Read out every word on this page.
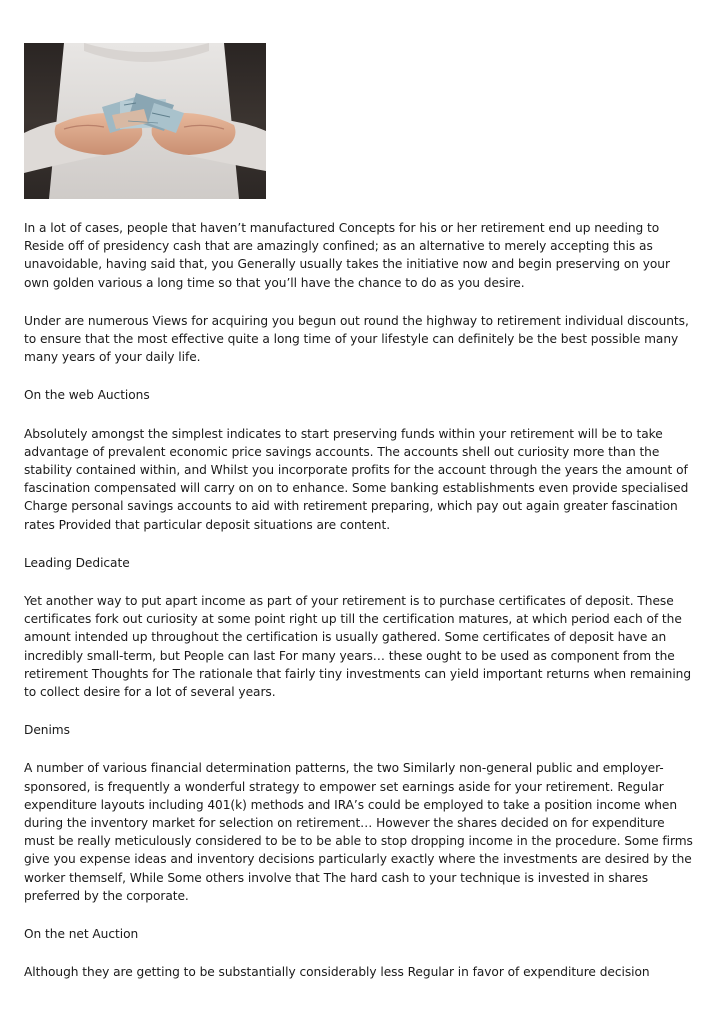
In a lot of cases, people that haven’t manufactured Concepts for his or her retirement end up needing to Reside off of presidency cash that are amazingly confined; as an alternative to merely accepting this as unavoidable, having said that, you Generally usually takes the initiative now and begin preserving on your own golden various a long time so that you’ll have the chance to do as you desire.

Under are numerous Views for acquiring you begun out round the highway to retirement individual discounts, to ensure that the most effective quite a long time of your lifestyle can definitely be the best possible many many years of your daily life.

On the web Auctions

Absolutely amongst the simplest indicates to start preserving funds within your retirement will be to take advantage of prevalent economic price savings accounts. The accounts shell out curiosity more than the stability contained within, and Whilst you incorporate profits for the account through the years the amount of fascination compensated will carry on on to enhance. Some banking establishments even provide specialised Charge personal savings accounts to aid with retirement preparing, which pay out again greater fascination rates Provided that particular deposit situations are content.

Leading Dedicate

Yet another way to put apart income as part of your retirement is to purchase certificates of deposit. These certificates fork out curiosity at some point right up till the certification matures, at which period each of the amount intended up throughout the certification is usually gathered. Some certificates of deposit have an incredibly small-term, but People can last For many years… these ought to be used as component from the retirement Thoughts for The rationale that fairly tiny investments can yield important returns when remaining to collect desire for a lot of several years.

Denims

A number of various financial determination patterns, the two Similarly non-general public and employer-sponsored, is frequently a wonderful strategy to empower set earnings aside for your retirement. Regular expenditure layouts including 401(k) methods and IRA’s could be employed to take a position income when during the inventory market for selection on retirement… However the shares decided on for expenditure must be really meticulously considered to be to be able to stop dropping income in the procedure. Some firms give you expense ideas and inventory decisions particularly exactly where the investments are desired by the worker themself, While Some others involve that The hard cash to your technique is invested in shares preferred by the corporate.

On the net Auction

Although they are getting to be substantially considerably less Regular in favor of expenditure decision
